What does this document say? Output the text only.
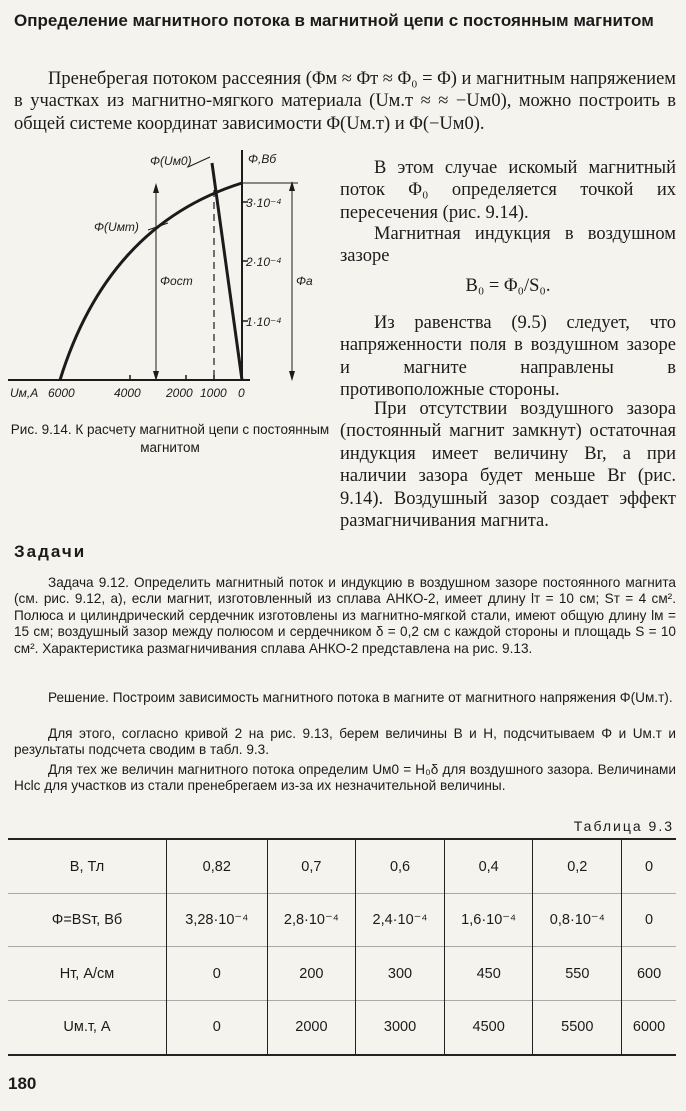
Определение магнитного потока в магнитной цепи с постоянным магнитом
Пренебрегая потоком рассеяния (Φм ≈ Φт ≈ Φ₀ = Φ) и магнитным напряжением в участках из магнитно-мягкого материала (Uм.т ≈ ≈ −Uм0), можно построить в общей системе координат зависимости Φ(Uм.т) и Φ(−Uм0).
Φ(Uм0)
Φ(Uмт)
Φ,Вб
Φост	Φa
3·10⁻⁴
2·10⁻⁴
1·10⁻⁴
Uм,А 6000	4000 2000 1000 0
В этом случае искомый магнитный поток Φ₀ определяется точкой их пересечения (рис. 9.14).
Магнитная индукция в воздушном зазоре
B₀ = Φ₀/S₀.
Из равенства (9.5) следует, что напряженности поля в воздушном зазоре и магните направлены в противоположные стороны.
Рис. 9.14. К расчету магнитной цепи с постоянным магнитом
При отсутствии воздушного зазора (постоянный магнит замкнут) остаточная индукция имеет величину Br, а при наличии зазора будет меньше Br (рис. 9.14). Воздушный зазор создает эффект размагничивания магнита.
Задачи
Задача 9.12. Определить магнитный поток и индукцию в воздушном зазоре постоянного магнита (см. рис. 9.12, а), если магнит, изготовленный из сплава АНКО-2, имеет длину lт = 10 см; Sт = 4 см². Полюса и цилиндрический сердечник изготовлены из магнитно-мягкой стали, имеют общую длину lм = 15 см; воздушный зазор между полюсом и сердечником δ = 0,2 см с каждой стороны и площадь S = 10 см². Характеристика размагничивания сплава АНКО-2 представлена на рис. 9.13.
Решение. Построим зависимость магнитного потока в магните от магнитного напряжения Φ(Uм.т).
Для этого, согласно кривой 2 на рис. 9.13, берем величины B и H, подсчитываем Φ и Uм.т и результаты подсчета сводим в табл. 9.3.
Для тех же величин магнитного потока определим Uм0 = H₀δ для воздушного зазора. Величинами Hсlс для участков из стали пренебрегаем из-за их незначительной величины.
Таблица 9.3
B, Тл	0,82	0,7	0,6	0,4	0,2	0
Φ=BSт, Вб	3,28·10⁻⁴	2,8·10⁻⁴	2,4·10⁻⁴	1,6·10⁻⁴	0,8·10⁻⁴	0
Hт, А/см	0	200	300	450	550	600
Uм.т, А	0	2000	3000	4500	5500	6000
180
